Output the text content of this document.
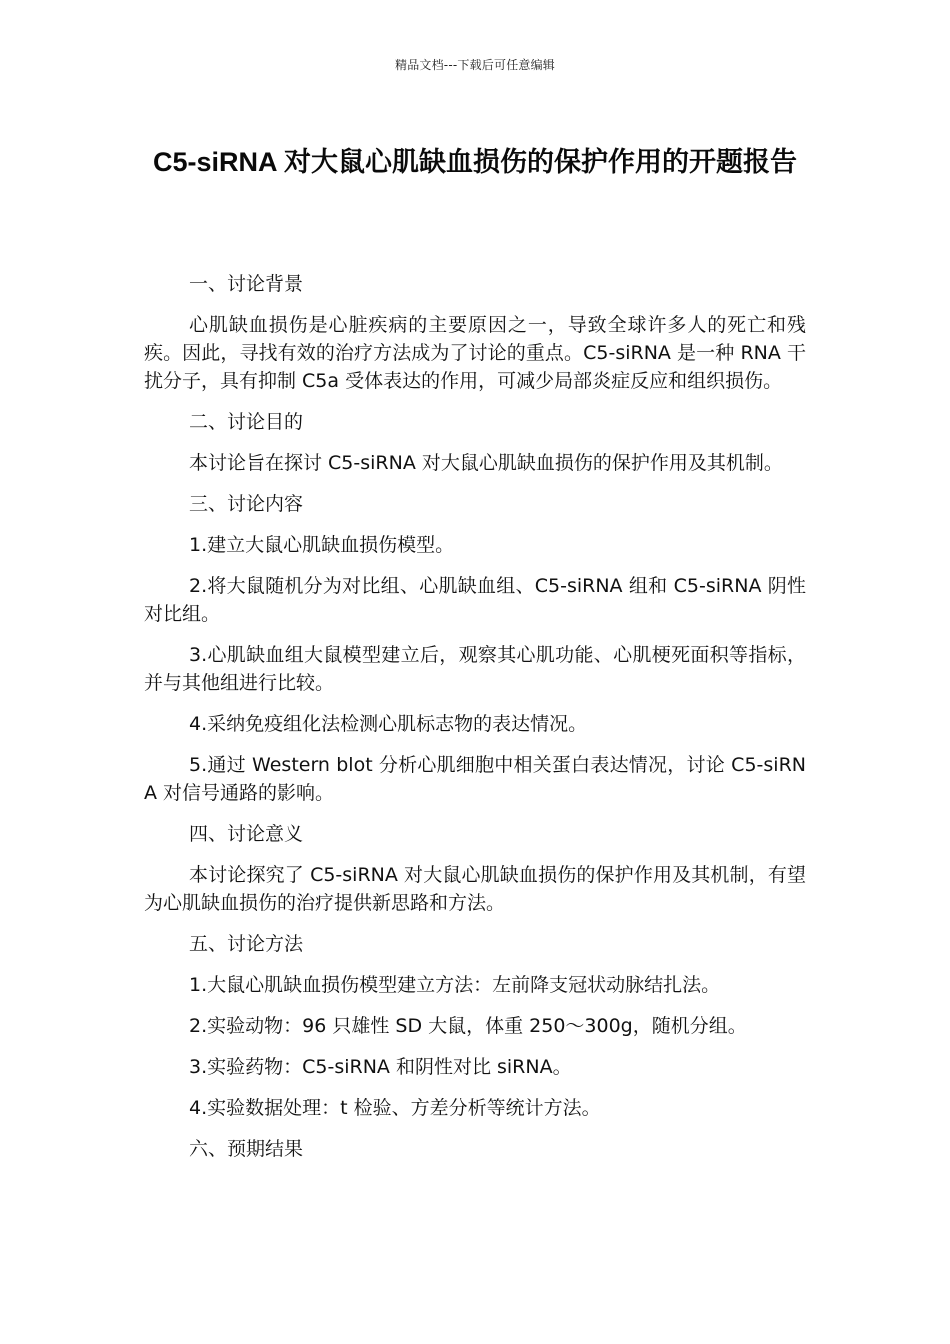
精品文档---下载后可任意编辑
C5-siRNA 对大鼠心肌缺血损伤的保护作用的开题报告

一、讨论背景

心肌缺血损伤是心脏疾病的主要原因之一，导致全球许多人的死亡和残疾。因此，寻找有效的治疗方法成为了讨论的重点。C5-siRNA 是一种 RNA 干扰分子，具有抑制 C5a 受体表达的作用，可减少局部炎症反应和组织损伤。

二、讨论目的

本讨论旨在探讨 C5-siRNA 对大鼠心肌缺血损伤的保护作用及其机制。

三、讨论内容

1.建立大鼠心肌缺血损伤模型。

2.将大鼠随机分为对比组、心肌缺血组、C5-siRNA 组和 C5-siRNA 阴性对比组。

3.心肌缺血组大鼠模型建立后，观察其心肌功能、心肌梗死面积等指标，并与其他组进行比较。

4.采纳免疫组化法检测心肌标志物的表达情况。

5.通过 Western blot 分析心肌细胞中相关蛋白表达情况，讨论 C5-siRNA 对信号通路的影响。

四、讨论意义

本讨论探究了 C5-siRNA 对大鼠心肌缺血损伤的保护作用及其机制，有望为心肌缺血损伤的治疗提供新思路和方法。

五、讨论方法

1.大鼠心肌缺血损伤模型建立方法：左前降支冠状动脉结扎法。

2.实验动物：96 只雄性 SD 大鼠，体重 250～300g，随机分组。

3.实验药物：C5-siRNA 和阴性对比 siRNA。

4.实验数据处理：t 检验、方差分析等统计方法。

六、预期结果
